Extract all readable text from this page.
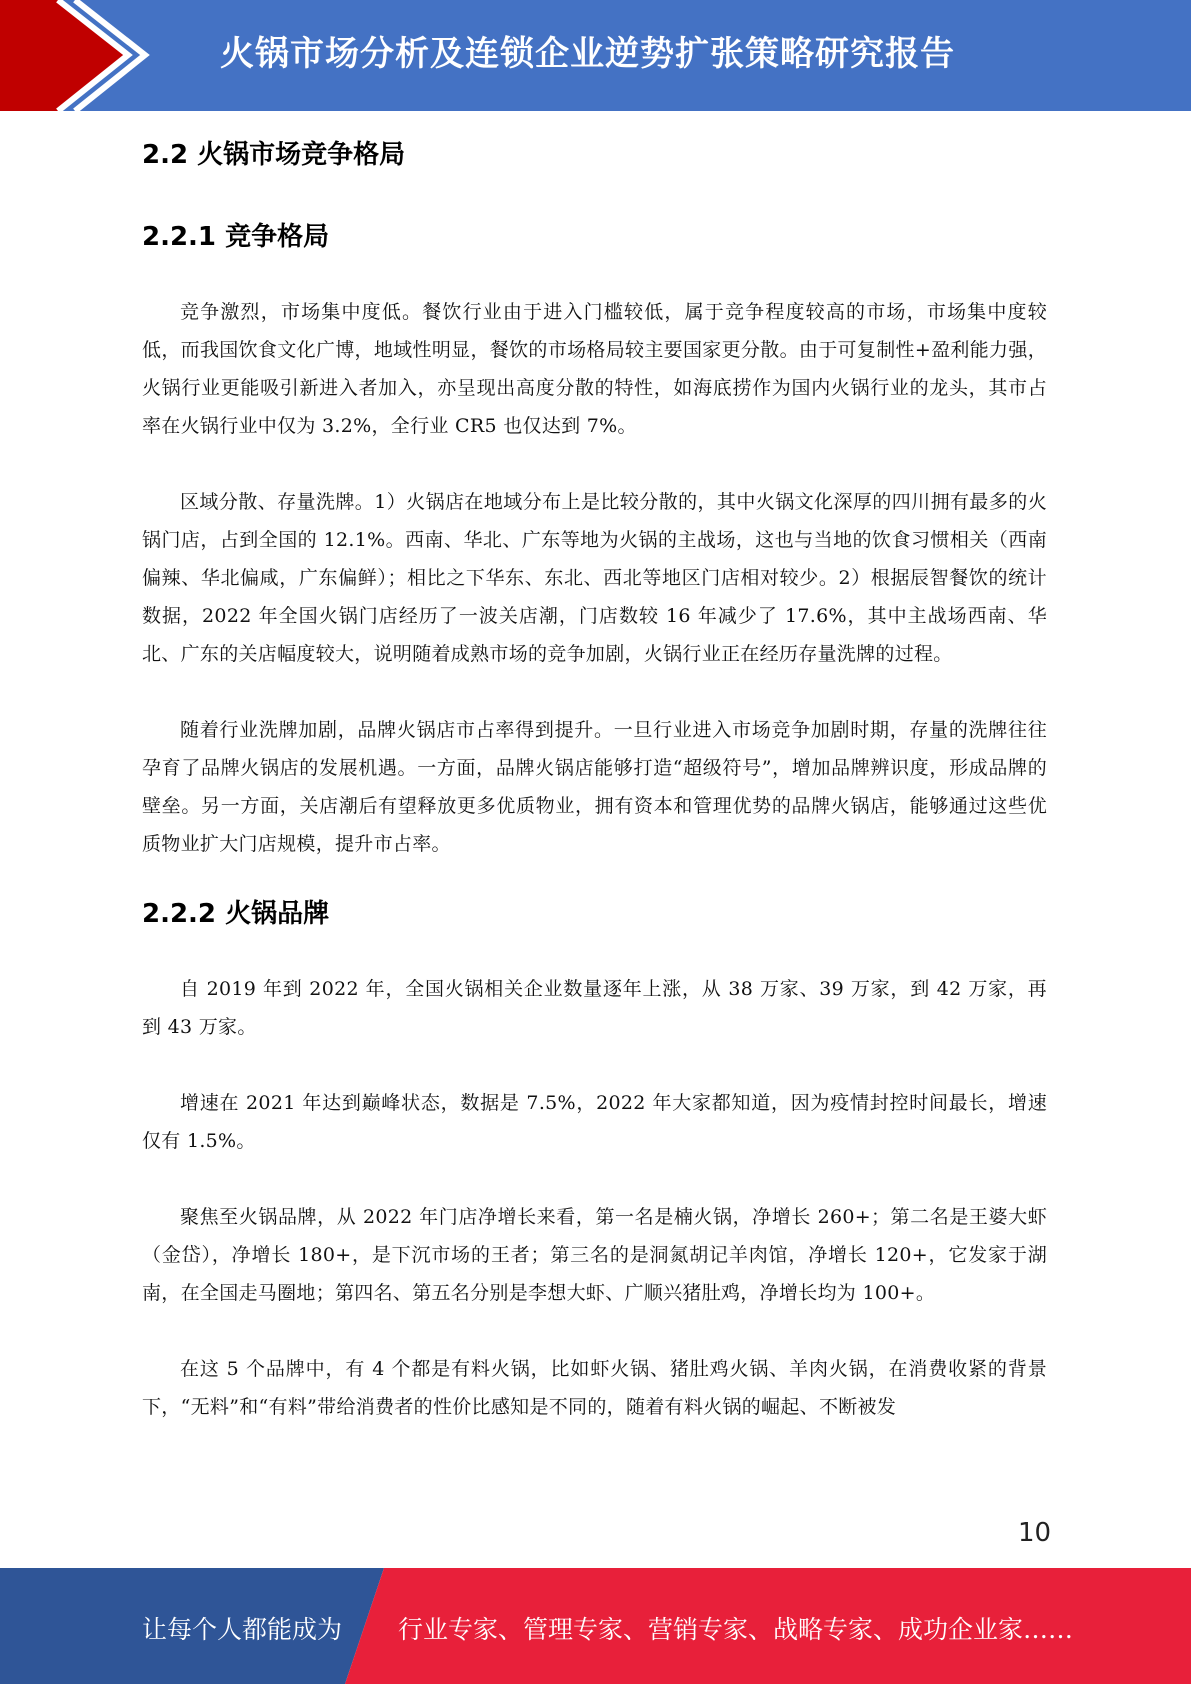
火锅市场分析及连锁企业逆势扩张策略研究报告
2.2 火锅市场竞争格局
2.2.1 竞争格局

竞争激烈，市场集中度低。餐饮行业由于进入门槛较低，属于竞争程度较高的市场，市场集中度较低，而我国饮食文化广博，地域性明显，餐饮的市场格局较主要国家更分散。由于可复制性+盈利能力强，火锅行业更能吸引新进入者加入，亦呈现出高度分散的特性，如海底捞作为国内火锅行业的龙头，其市占率在火锅行业中仅为 3.2%，全行业 CR5 也仅达到 7%。

区域分散、存量洗牌。1）火锅店在地域分布上是比较分散的，其中火锅文化深厚的四川拥有最多的火锅门店，占到全国的 12.1%。西南、华北、广东等地为火锅的主战场，这也与当地的饮食习惯相关（西南偏辣、华北偏咸，广东偏鲜）；相比之下华东、东北、西北等地区门店相对较少。2）根据辰智餐饮的统计数据，2022 年全国火锅门店经历了一波关店潮，门店数较 16 年减少了 17.6%，其中主战场西南、华北、广东的关店幅度较大，说明随着成熟市场的竞争加剧，火锅行业正在经历存量洗牌的过程。

随着行业洗牌加剧，品牌火锅店市占率得到提升。一旦行业进入市场竞争加剧时期，存量的洗牌往往孕育了品牌火锅店的发展机遇。一方面，品牌火锅店能够打造“超级符号”，增加品牌辨识度，形成品牌的壁垒。另一方面，关店潮后有望释放更多优质物业，拥有资本和管理优势的品牌火锅店，能够通过这些优质物业扩大门店规模，提升市占率。

2.2.2 火锅品牌

自 2019 年到 2022 年，全国火锅相关企业数量逐年上涨，从 38 万家、39 万家，到 42 万家，再到 43 万家。

增速在 2021 年达到巅峰状态，数据是 7.5%，2022 年大家都知道，因为疫情封控时间最长，增速仅有 1.5%。

聚焦至火锅品牌，从 2022 年门店净增长来看，第一名是楠火锅，净增长 260+；第二名是王婆大虾（金岱），净增长 180+，是下沉市场的王者；第三名的是洞氮胡记羊肉馆，净增长 120+，它发家于湖南，在全国走马圈地；第四名、第五名分别是李想大虾、广顺兴猪肚鸡，净增长均为 100+。

在这 5 个品牌中，有 4 个都是有料火锅，比如虾火锅、猪肚鸡火锅、羊肉火锅，在消费收紧的背景下，“无料”和“有料”带给消费者的性价比感知是不同的，随着有料火锅的崛起、不断被发

10
让每个人都能成为 行业专家、管理专家、营销专家、战略专家、成功企业家……
